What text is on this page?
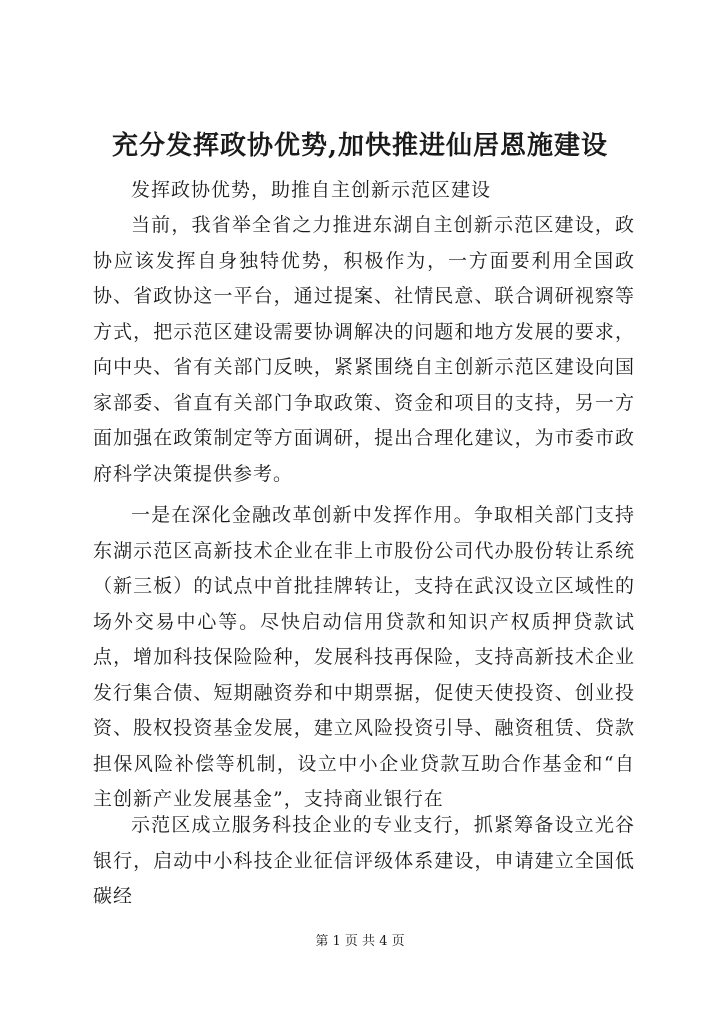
充分发挥政协优势,加快推进仙居恩施建设
发挥政协优势，助推自主创新示范区建设

当前，我省举全省之力推进东湖自主创新示范区建设，政协应该发挥自身独特优势，积极作为，一方面要利用全国政协、省政协这一平台，通过提案、社情民意、联合调研视察等方式，把示范区建设需要协调解决的问题和地方发展的要求，向中央、省有关部门反映，紧紧围绕自主创新示范区建设向国家部委、省直有关部门争取政策、资金和项目的支持，另一方面加强在政策制定等方面调研，提出合理化建议，为市委市政府科学决策提供参考。

一是在深化金融改革创新中发挥作用。争取相关部门支持东湖示范区高新技术企业在非上市股份公司代办股份转让系统（新三板）的试点中首批挂牌转让，支持在武汉设立区域性的场外交易中心等。尽快启动信用贷款和知识产权质押贷款试点，增加科技保险险种，发展科技再保险，支持高新技术企业发行集合债、短期融资券和中期票据，促使天使投资、创业投资、股权投资基金发展，建立风险投资引导、融资租赁、贷款担保风险补偿等机制，设立中小企业贷款互助合作基金和“自主创新产业发展基金”，支持商业银行在

示范区成立服务科技企业的专业支行，抓紧筹备设立光谷银行，启动中小科技企业征信评级体系建设，申请建立全国低碳经

第 1 页 共 4 页
